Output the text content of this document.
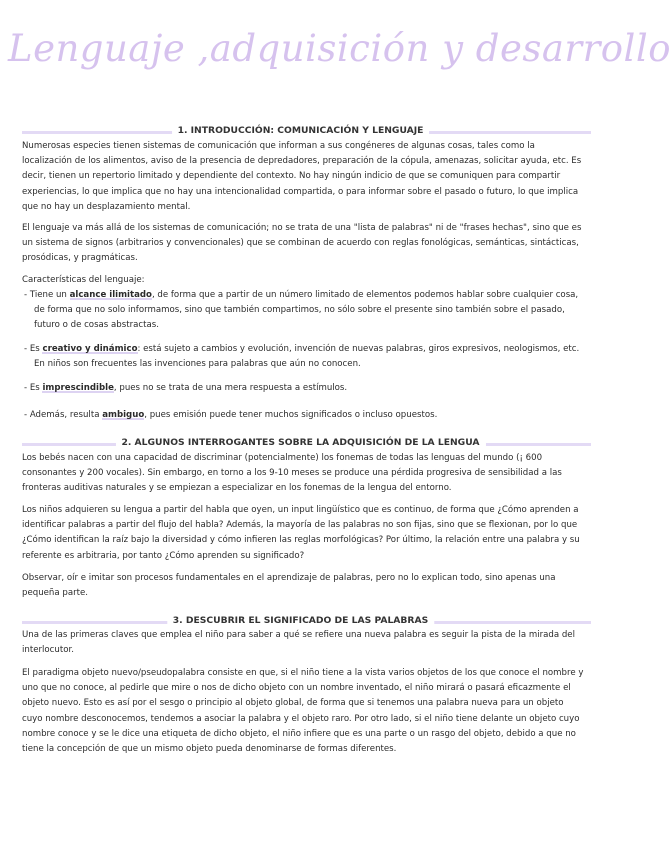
Lenguaje ,adquisición y desarrollo
1. INTRODUCCIÓN: COMUNICACIÓN Y LENGUAJE

Numerosas especies tienen sistemas de comunicación que informan a sus congéneres de algunas cosas, tales como la localización de los alimentos, aviso de la presencia de depredadores, preparación de la cópula, amenazas, solicitar ayuda, etc. Es decir, tienen un repertorio limitado y dependiente del contexto. No hay ningún indicio de que se comuniquen para compartir experiencias, lo que implica que no hay una intencionalidad compartida, o para informar sobre el pasado o futuro, lo que implica que no hay un desplazamiento mental.

El lenguaje va más allá de los sistemas de comunicación; no se trata de una "lista de palabras" ni de "frases hechas", sino que es un sistema de signos (arbitrarios y convencionales) que se combinan de acuerdo con reglas fonológicas, semánticas, sintácticas, prosódicas, y pragmáticas.

Características del lenguaje:

- Tiene un alcance ilimitado, de forma que a partir de un número limitado de elementos podemos hablar sobre cualquier cosa, de forma que no solo informamos, sino que también compartimos, no sólo sobre el presente sino también sobre el pasado, futuro o de cosas abstractas.

- Es creativo y dinámico: está sujeto a cambios y evolución, invención de nuevas palabras, giros expresivos, neologismos, etc. En niños son frecuentes las invenciones para palabras que aún no conocen.

- Es imprescindible, pues no se trata de una mera respuesta a estímulos.

- Además, resulta ambiguo, pues emisión puede tener muchos significados o incluso opuestos.

2. ALGUNOS INTERROGANTES SOBRE LA ADQUISICIÓN DE LA LENGUA

Los bebés nacen con una capacidad de discriminar (potencialmente) los fonemas de todas las lenguas del mundo (¡ 600 consonantes y 200 vocales). Sin embargo, en torno a los 9-10 meses se produce una pérdida progresiva de sensibilidad a las fronteras auditivas naturales y se empiezan a especializar en los fonemas de la lengua del entorno.

Los niños adquieren su lengua a partir del habla que oyen, un input lingüístico que es continuo, de forma que ¿Cómo aprenden a identificar palabras a partir del flujo del habla? Además, la mayoría de las palabras no son fijas, sino que se flexionan, por lo que ¿Cómo identifican la raíz bajo la diversidad y cómo infieren las reglas morfológicas? Por último, la relación entre una palabra y su referente es arbitraria, por tanto ¿Cómo aprenden su significado?

Observar, oír e imitar son procesos fundamentales en el aprendizaje de palabras, pero no lo explican todo, sino apenas una pequeña parte.

3. DESCUBRIR EL SIGNIFICADO DE LAS PALABRAS

Una de las primeras claves que emplea el niño para saber a qué se refiere una nueva palabra es seguir la pista de la mirada del interlocutor.

El paradigma objeto nuevo/pseudopalabra consiste en que, si el niño tiene a la vista varios objetos de los que conoce el nombre y uno que no conoce, al pedirle que mire o nos de dicho objeto con un nombre inventado, el niño mirará o pasará eficazmente el objeto nuevo. Esto es así por el sesgo o principio al objeto global, de forma que si tenemos una palabra nueva para un objeto cuyo nombre desconocemos, tendemos a asociar la palabra y el objeto raro. Por otro lado, si el niño tiene delante un objeto cuyo nombre conoce y se le dice una etiqueta de dicho objeto, el niño infiere que es una parte o un rasgo del objeto, debido a que no tiene la concepción de que un mismo objeto pueda denominarse de formas diferentes.
